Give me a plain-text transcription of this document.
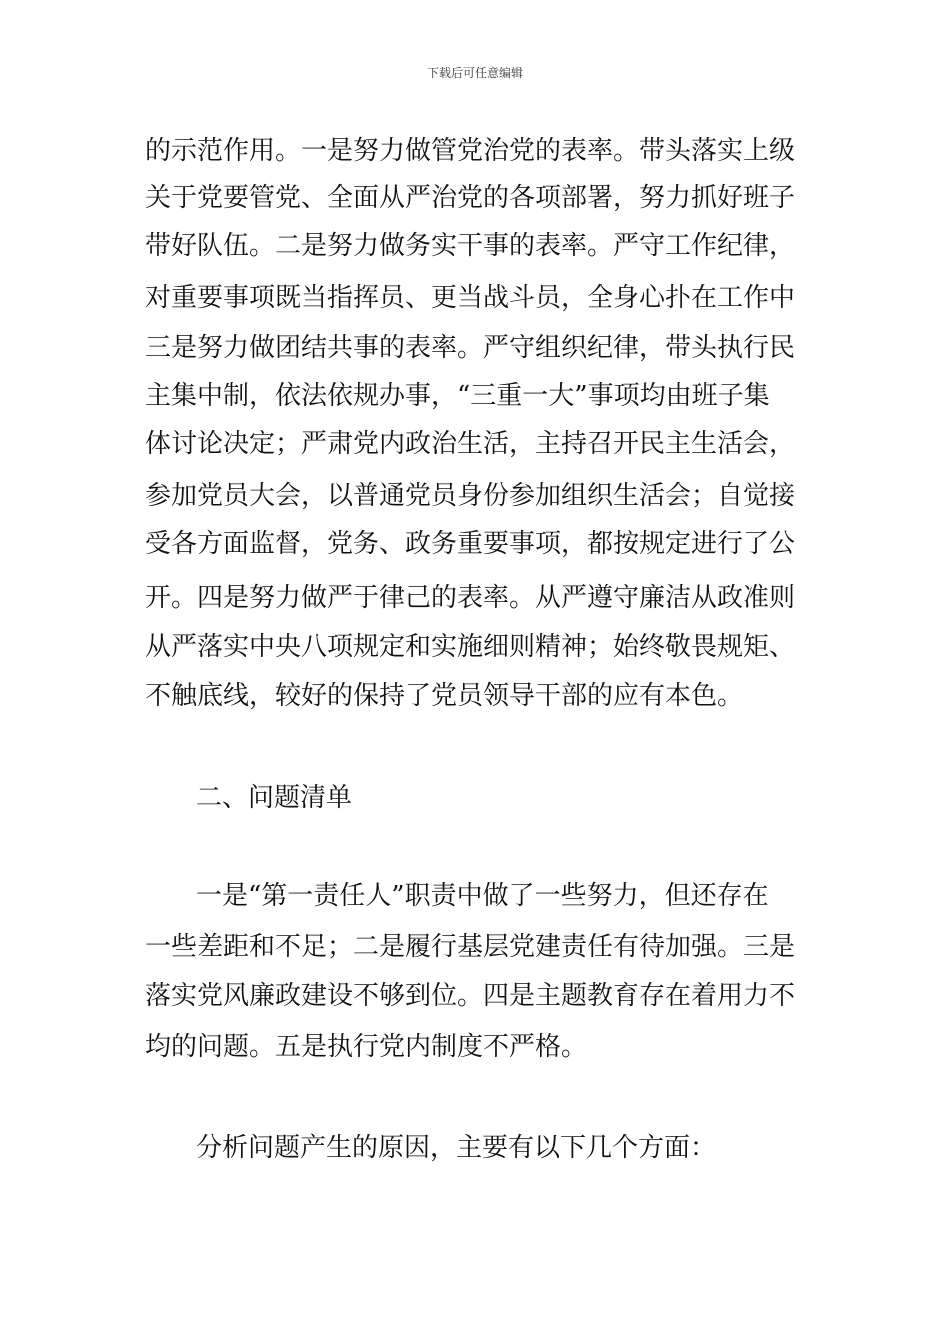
下载后可任意编辑
的示范作用。一是努力做管党治党的表率。带头落实上级
关于党要管党、全面从严治党的各项部署，努力抓好班子
带好队伍。二是努力做务实干事的表率。严守工作纪律，
对重要事项既当指挥员、更当战斗员，全身心扑在工作中
三是努力做团结共事的表率。严守组织纪律，带头执行民
主集中制，依法依规办事，“三重一大”事项均由班子集
体讨论决定；严肃党内政治生活，主持召开民主生活会，
参加党员大会，以普通党员身份参加组织生活会；自觉接
受各方面监督，党务、政务重要事项，都按规定进行了公
开。四是努力做严于律己的表率。从严遵守廉洁从政准则
从严落实中央八项规定和实施细则精神；始终敬畏规矩、
不触底线，较好的保持了党员领导干部的应有本色。
二、问题清单
一是“第一责任人”职责中做了一些努力，但还存在
一些差距和不足；二是履行基层党建责任有待加强。三是
落实党风廉政建设不够到位。四是主题教育存在着用力不
均的问题。五是执行党内制度不严格。
分析问题产生的原因，主要有以下几个方面：
